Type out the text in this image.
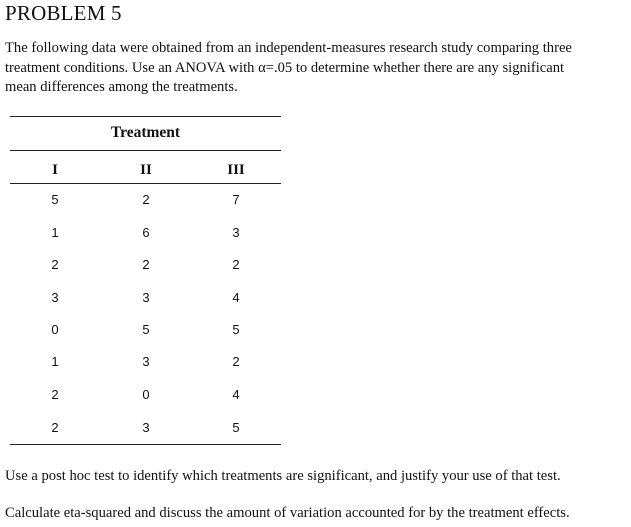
PROBLEM 5

The following data were obtained from an independent-measures research study comparing three

treatment conditions. Use an ANOVA with α=.05 to determine whether there are any significant

mean differences among the treatments.

Treatment
I	II	III
5	2	7
1	6	3
2	2	2
3	3	4
0	5	5
1	3	2
2	0	4
2	3	5
Use a post hoc test to identify which treatments are significant, and justify your use of that test.
Calculate eta-squared and discuss the amount of variation accounted for by the treatment effects.
